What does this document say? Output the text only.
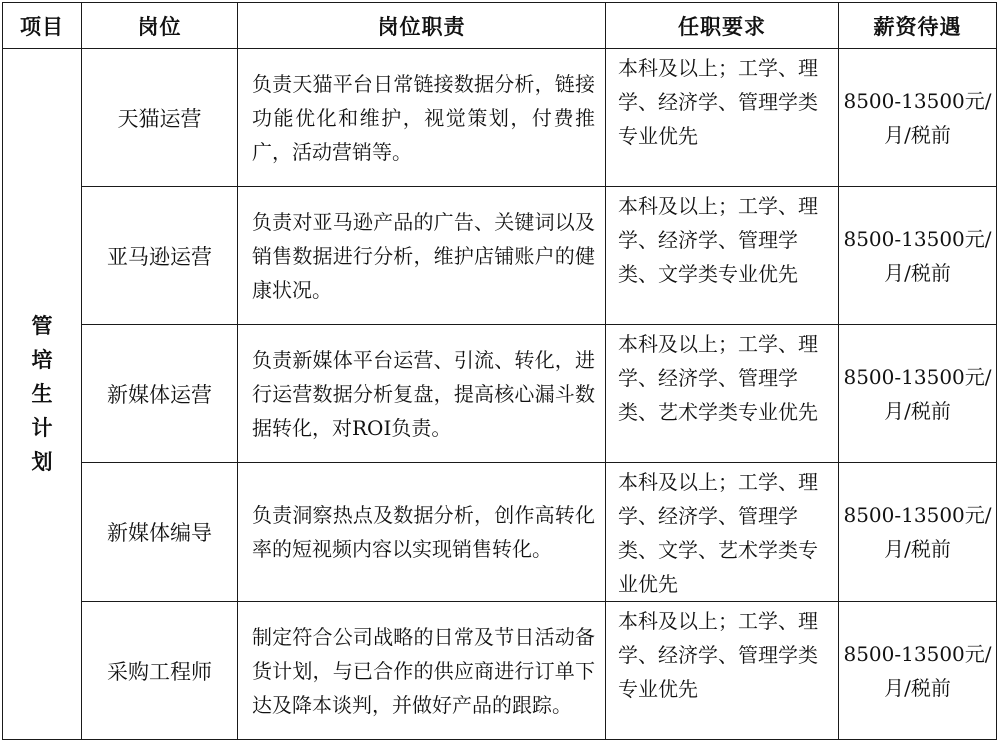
项目	岗位	岗位职责	任职要求	薪资待遇
管培生计划	天猫运营	负责天猫平台日常链接数据分析，链接功能优化和维护，视觉策划，付费推广，活动营销等。	本科及以上；工学、理学、经济学、管理学类专业优先	8500-13500元/月/税前
	亚马逊运营	负责对亚马逊产品的广告、关键词以及销售数据进行分析，维护店铺账户的健康状况。	本科及以上；工学、理学、经济学、管理学类、文学类专业优先	8500-13500元/月/税前
	新媒体运营	负责新媒体平台运营、引流、转化，进行运营数据分析复盘，提高核心漏斗数据转化，对ROI负责。	本科及以上；工学、理学、经济学、管理学类、艺术学类专业优先	8500-13500元/月/税前
	新媒体编导	负责洞察热点及数据分析，创作高转化率的短视频内容以实现销售转化。	本科及以上；工学、理学、经济学、管理学类、文学、艺术学类专业优先	8500-13500元/月/税前
	采购工程师	制定符合公司战略的日常及节日活动备货计划，与已合作的供应商进行订单下达及降本谈判，并做好产品的跟踪。	本科及以上；工学、理学、经济学、管理学类专业优先	8500-13500元/月/税前
